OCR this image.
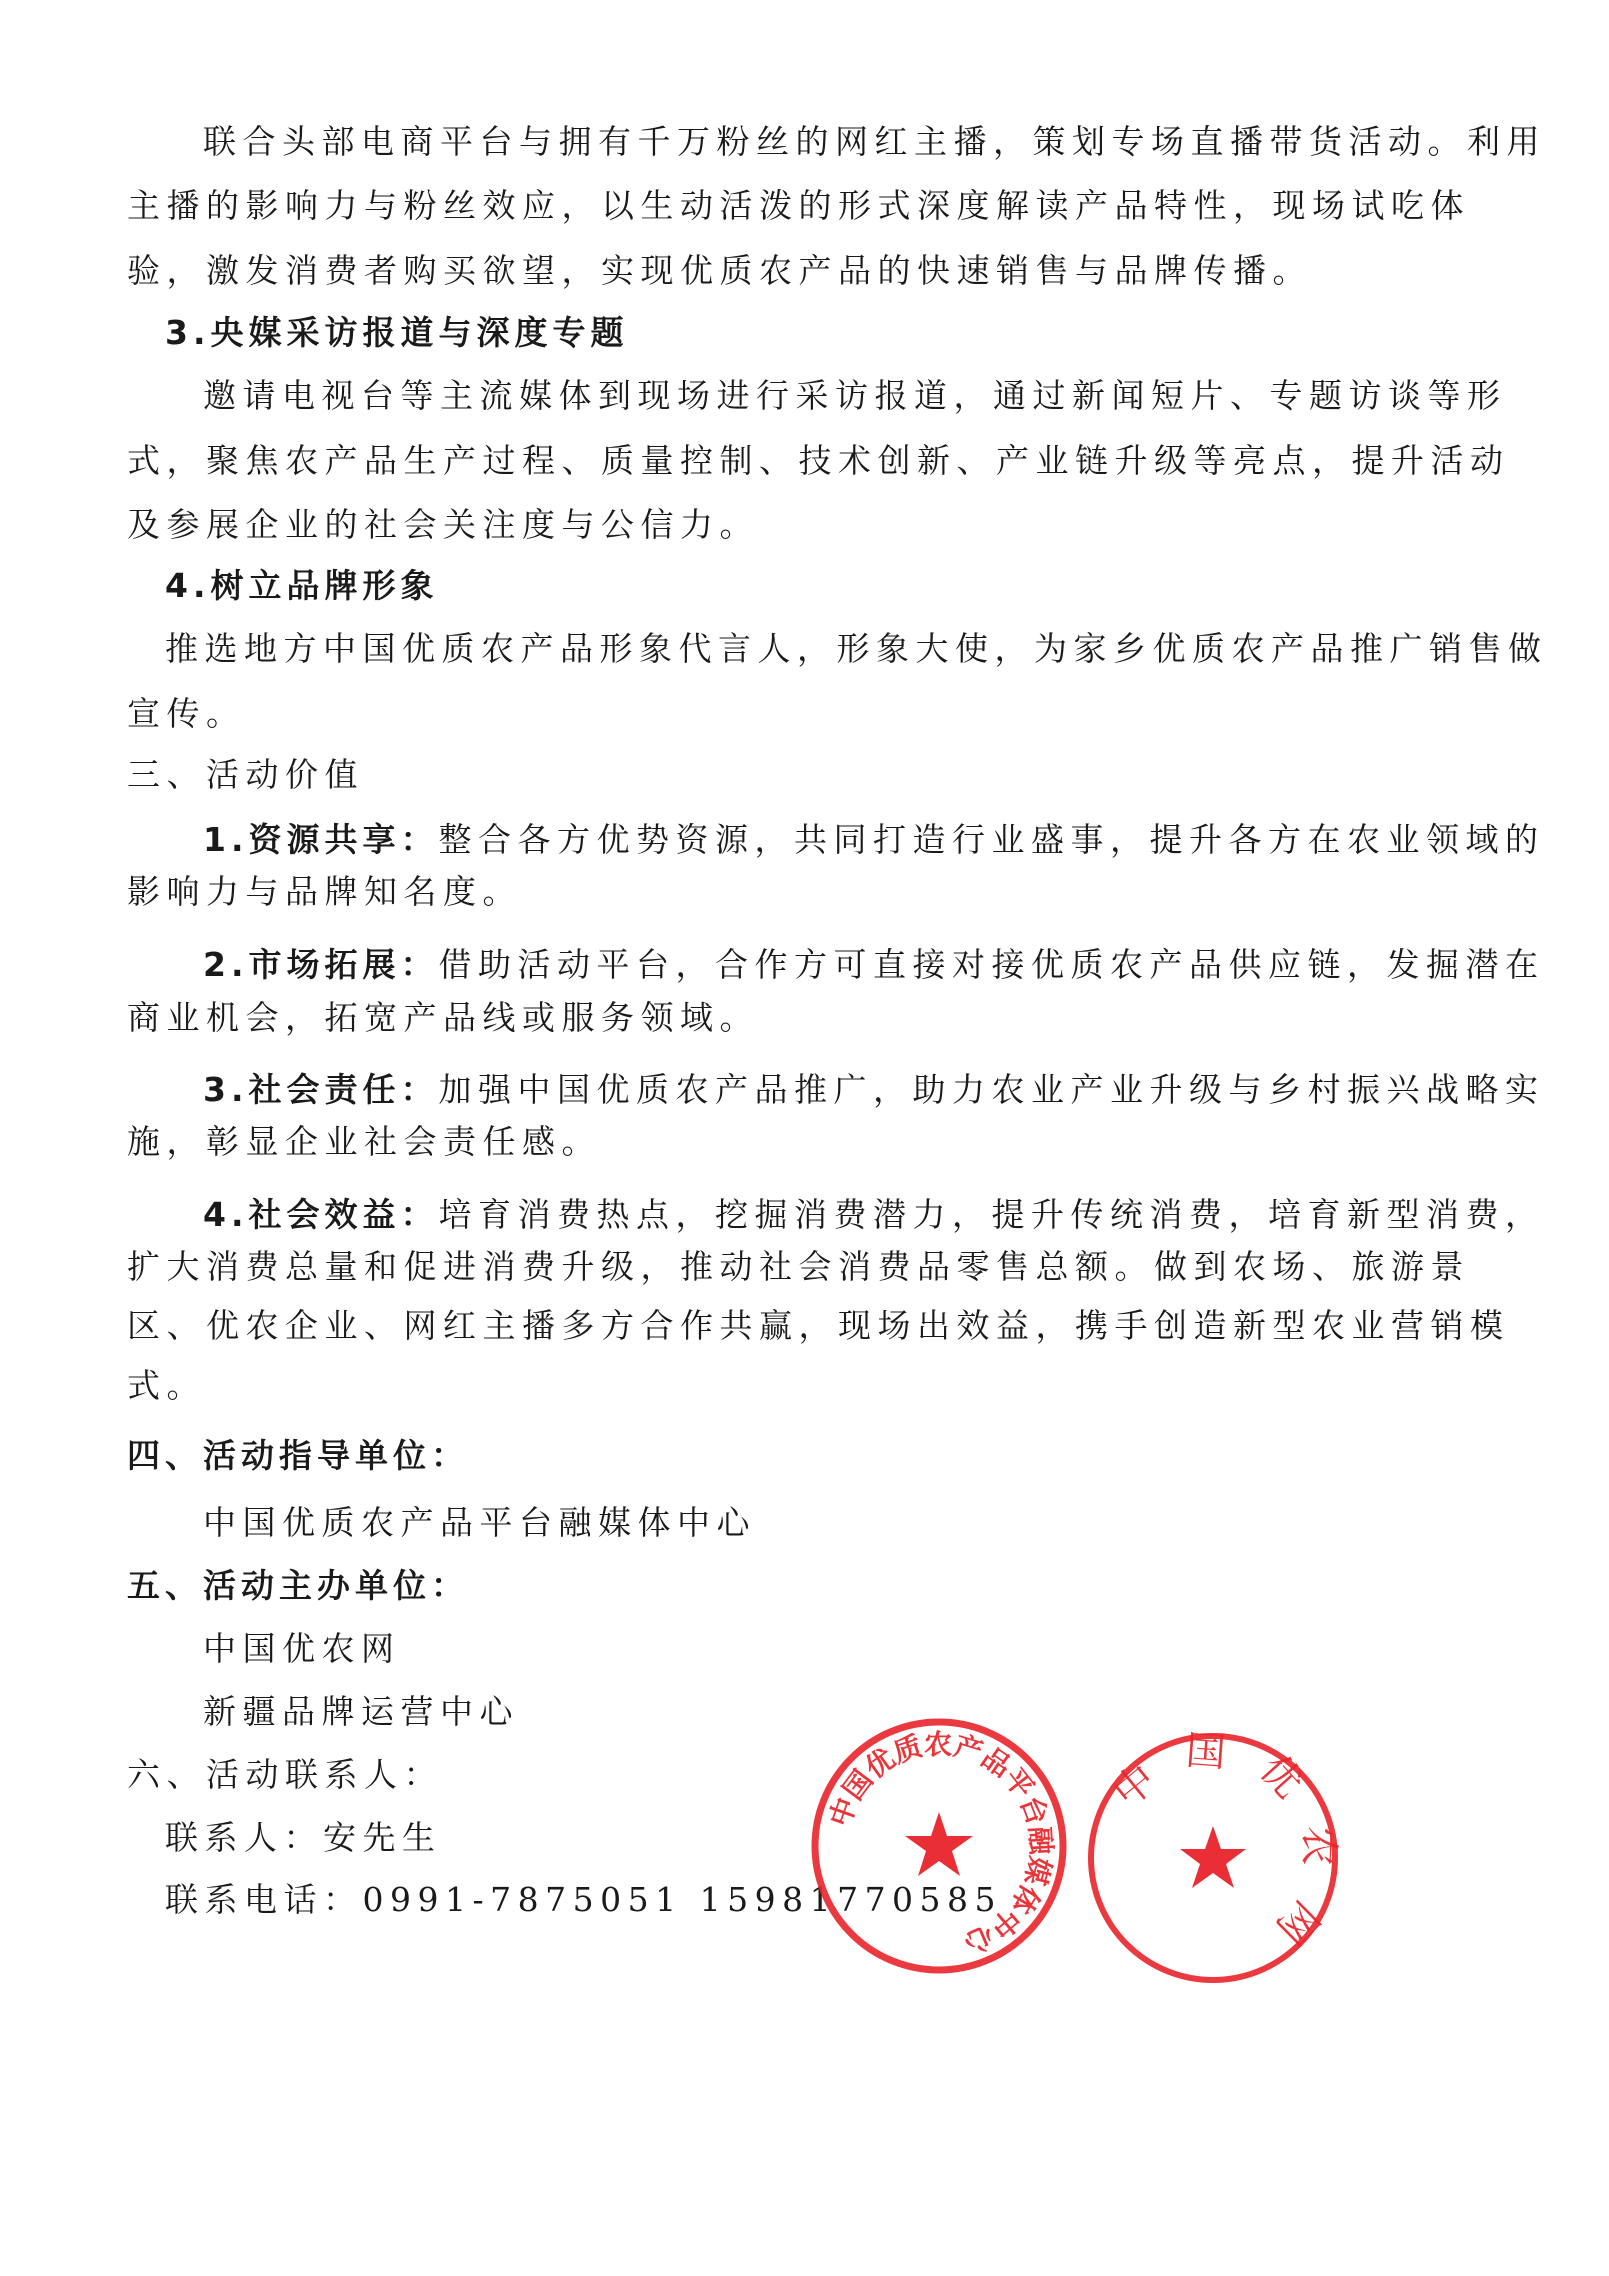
联合头部电商平台与拥有千万粉丝的网红主播，策划专场直播带货活动。利用
主播的影响力与粉丝效应，以生动活泼的形式深度解读产品特性，现场试吃体
验，激发消费者购买欲望，实现优质农产品的快速销售与品牌传播。
3.央媒采访报道与深度专题
邀请电视台等主流媒体到现场进行采访报道，通过新闻短片、专题访谈等形
式，聚焦农产品生产过程、质量控制、技术创新、产业链升级等亮点，提升活动
及参展企业的社会关注度与公信力。
4.树立品牌形象
推选地方中国优质农产品形象代言人，形象大使，为家乡优质农产品推广销售做
宣传。
三、活动价值
1.资源共享：整合各方优势资源，共同打造行业盛事，提升各方在农业领域的
影响力与品牌知名度。
2.市场拓展：借助活动平台，合作方可直接对接优质农产品供应链，发掘潜在
商业机会，拓宽产品线或服务领域。
3.社会责任：加强中国优质农产品推广，助力农业产业升级与乡村振兴战略实
施，彰显企业社会责任感。
4.社会效益：培育消费热点，挖掘消费潜力，提升传统消费，培育新型消费，
扩大消费总量和促进消费升级，推动社会消费品零售总额。做到农场、旅游景
区、优农企业、网红主播多方合作共赢，现场出效益，携手创造新型农业营销模
式。
四、活动指导单位：
中国优质农产品平台融媒体中心
五、活动主办单位：
中国优农网
新疆品牌运营中心
六、活动联系人：
联系人：安先生
联系电话：0991-7875051 15981770585
中国优质农产品平台融媒体中心
中国优农网
